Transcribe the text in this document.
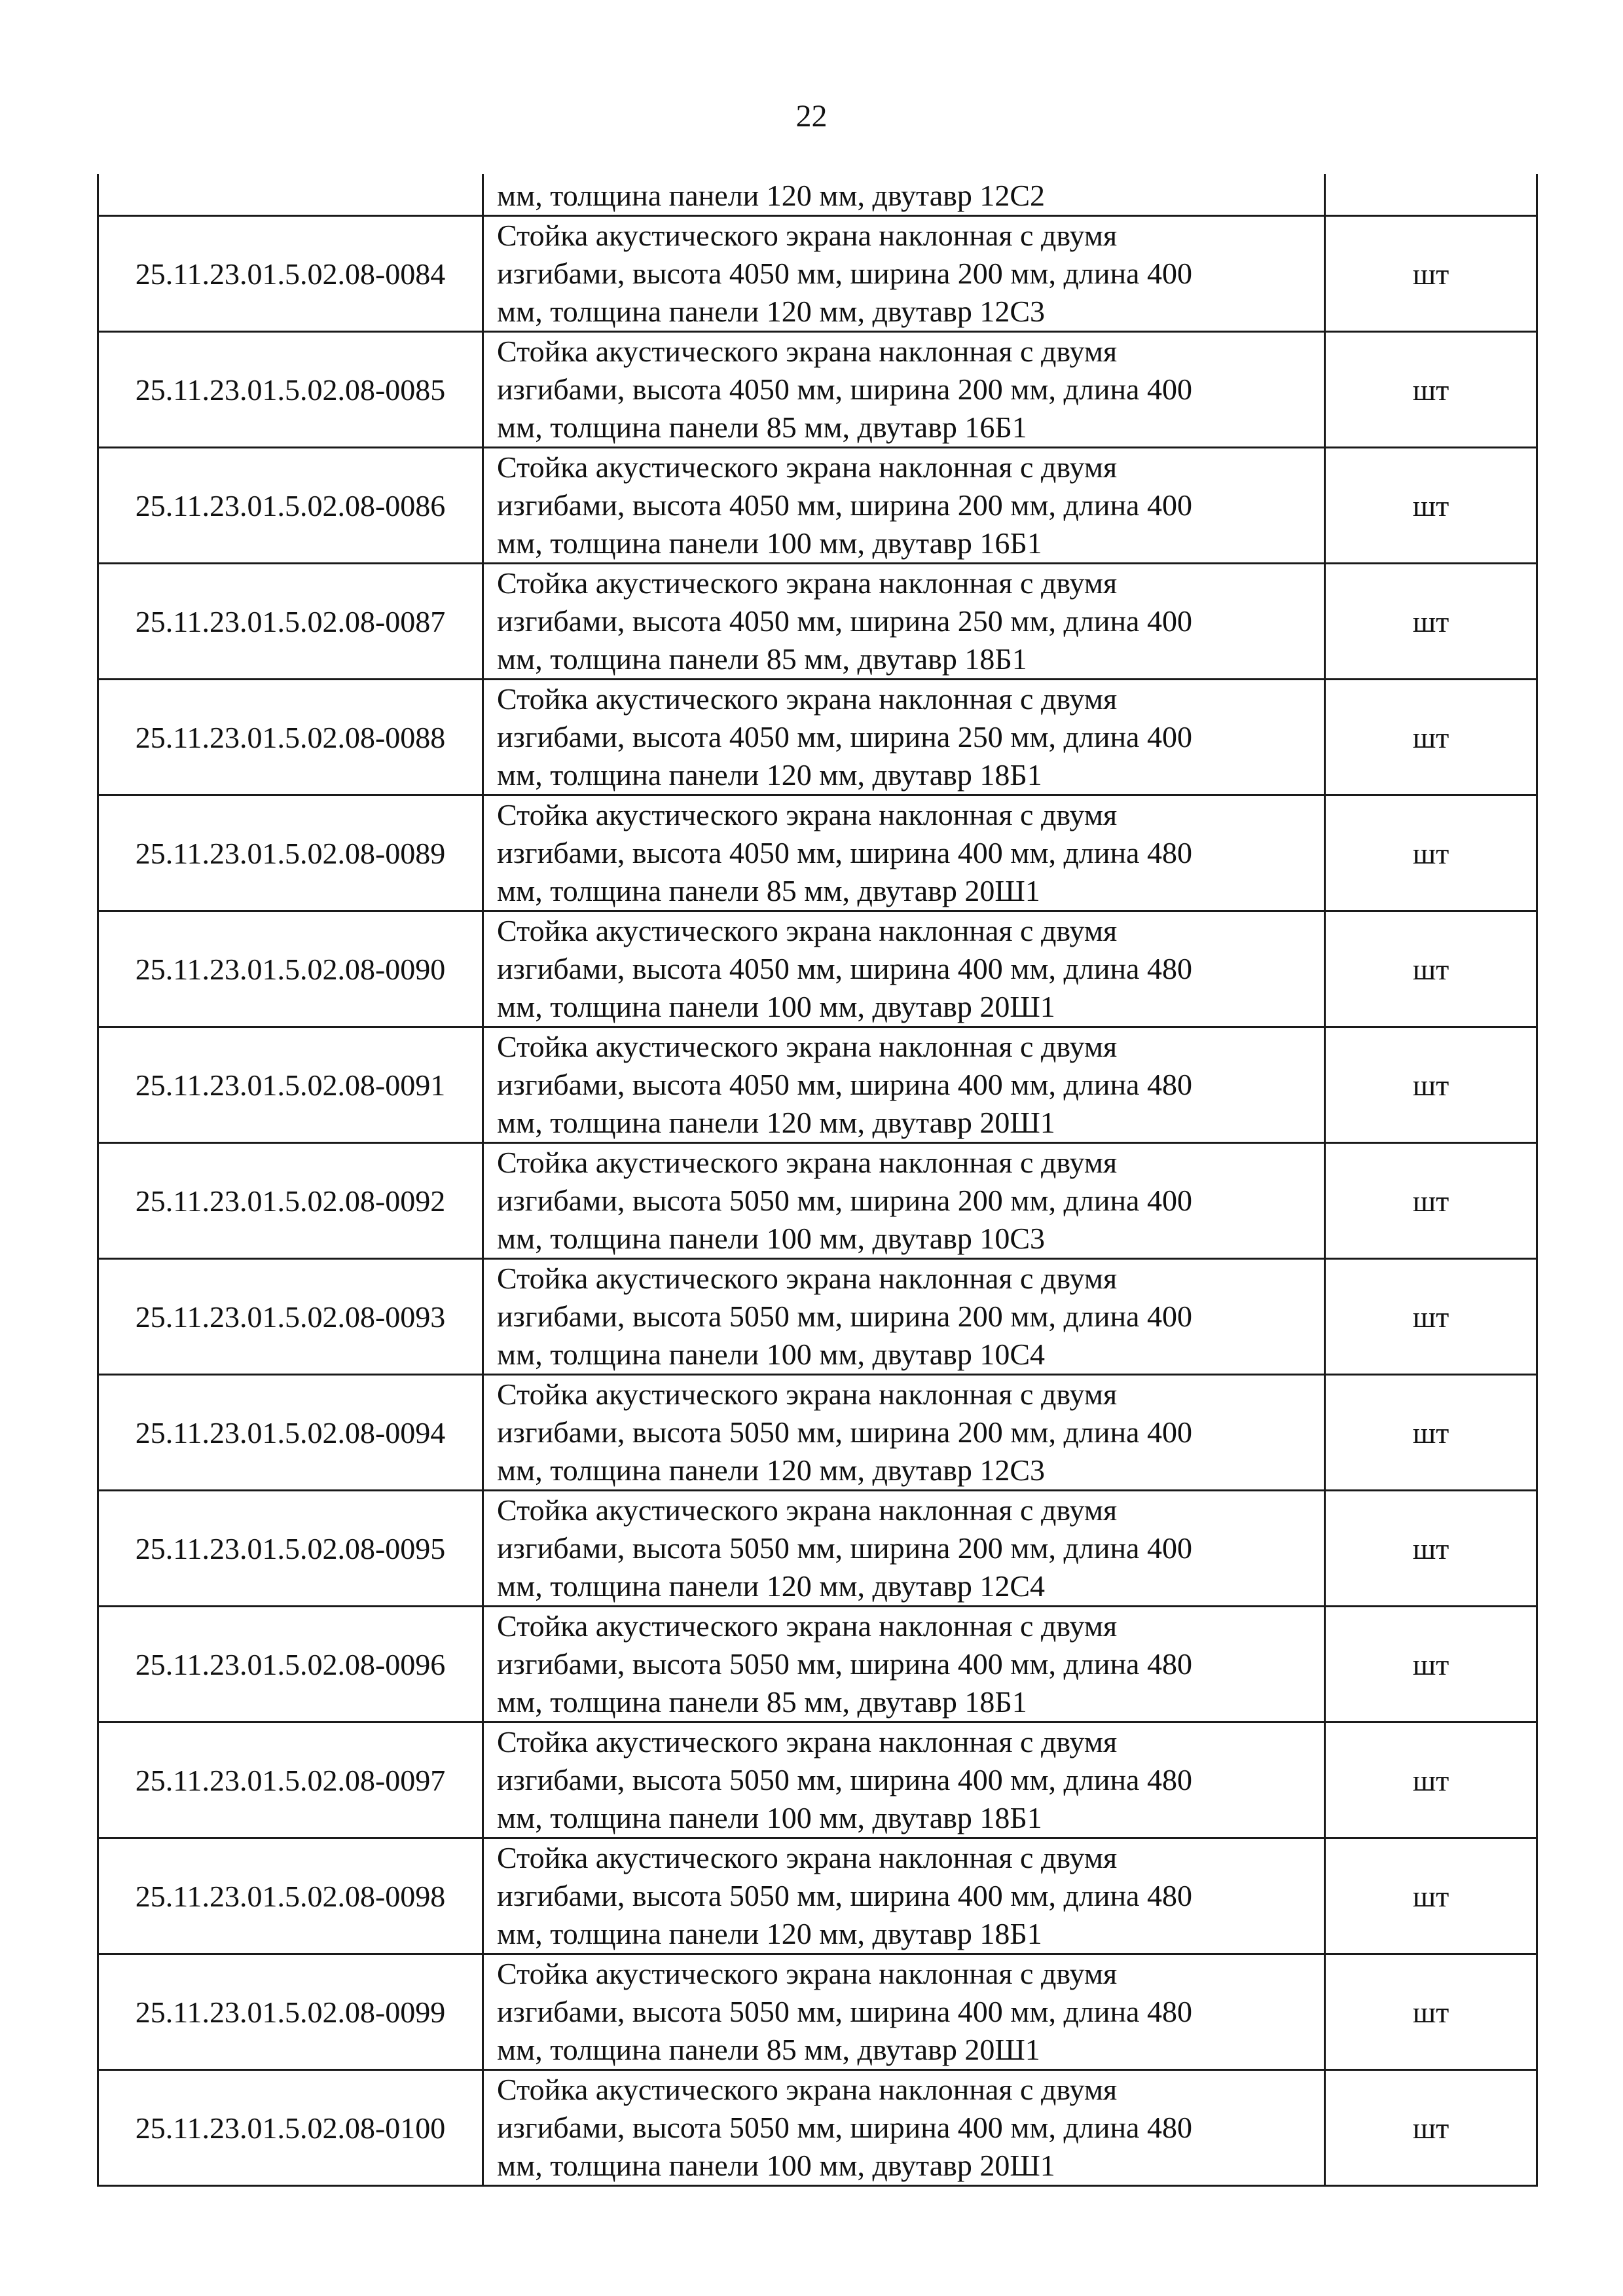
22
	мм, толщина панели 120 мм, двутавр 12С2	
25.11.23.01.5.02.08-0084	Стойка акустического экрана наклонная с двумя
изгибами, высота 4050 мм, ширина 200 мм, длина 400
мм, толщина панели 120 мм, двутавр 12С3	шт
25.11.23.01.5.02.08-0085	Стойка акустического экрана наклонная с двумя
изгибами, высота 4050 мм, ширина 200 мм, длина 400
мм, толщина панели 85 мм, двутавр 16Б1	шт
25.11.23.01.5.02.08-0086	Стойка акустического экрана наклонная с двумя
изгибами, высота 4050 мм, ширина 200 мм, длина 400
мм, толщина панели 100 мм, двутавр 16Б1	шт
25.11.23.01.5.02.08-0087	Стойка акустического экрана наклонная с двумя
изгибами, высота 4050 мм, ширина 250 мм, длина 400
мм, толщина панели 85 мм, двутавр 18Б1	шт
25.11.23.01.5.02.08-0088	Стойка акустического экрана наклонная с двумя
изгибами, высота 4050 мм, ширина 250 мм, длина 400
мм, толщина панели 120 мм, двутавр 18Б1	шт
25.11.23.01.5.02.08-0089	Стойка акустического экрана наклонная с двумя
изгибами, высота 4050 мм, ширина 400 мм, длина 480
мм, толщина панели 85 мм, двутавр 20Ш1	шт
25.11.23.01.5.02.08-0090	Стойка акустического экрана наклонная с двумя
изгибами, высота 4050 мм, ширина 400 мм, длина 480
мм, толщина панели 100 мм, двутавр 20Ш1	шт
25.11.23.01.5.02.08-0091	Стойка акустического экрана наклонная с двумя
изгибами, высота 4050 мм, ширина 400 мм, длина 480
мм, толщина панели 120 мм, двутавр 20Ш1	шт
25.11.23.01.5.02.08-0092	Стойка акустического экрана наклонная с двумя
изгибами, высота 5050 мм, ширина 200 мм, длина 400
мм, толщина панели 100 мм, двутавр 10С3	шт
25.11.23.01.5.02.08-0093	Стойка акустического экрана наклонная с двумя
изгибами, высота 5050 мм, ширина 200 мм, длина 400
мм, толщина панели 100 мм, двутавр 10С4	шт
25.11.23.01.5.02.08-0094	Стойка акустического экрана наклонная с двумя
изгибами, высота 5050 мм, ширина 200 мм, длина 400
мм, толщина панели 120 мм, двутавр 12С3	шт
25.11.23.01.5.02.08-0095	Стойка акустического экрана наклонная с двумя
изгибами, высота 5050 мм, ширина 200 мм, длина 400
мм, толщина панели 120 мм, двутавр 12С4	шт
25.11.23.01.5.02.08-0096	Стойка акустического экрана наклонная с двумя
изгибами, высота 5050 мм, ширина 400 мм, длина 480
мм, толщина панели 85 мм, двутавр 18Б1	шт
25.11.23.01.5.02.08-0097	Стойка акустического экрана наклонная с двумя
изгибами, высота 5050 мм, ширина 400 мм, длина 480
мм, толщина панели 100 мм, двутавр 18Б1	шт
25.11.23.01.5.02.08-0098	Стойка акустического экрана наклонная с двумя
изгибами, высота 5050 мм, ширина 400 мм, длина 480
мм, толщина панели 120 мм, двутавр 18Б1	шт
25.11.23.01.5.02.08-0099	Стойка акустического экрана наклонная с двумя
изгибами, высота 5050 мм, ширина 400 мм, длина 480
мм, толщина панели 85 мм, двутавр 20Ш1	шт
25.11.23.01.5.02.08-0100	Стойка акустического экрана наклонная с двумя
изгибами, высота 5050 мм, ширина 400 мм, длина 480
мм, толщина панели 100 мм, двутавр 20Ш1	шт
